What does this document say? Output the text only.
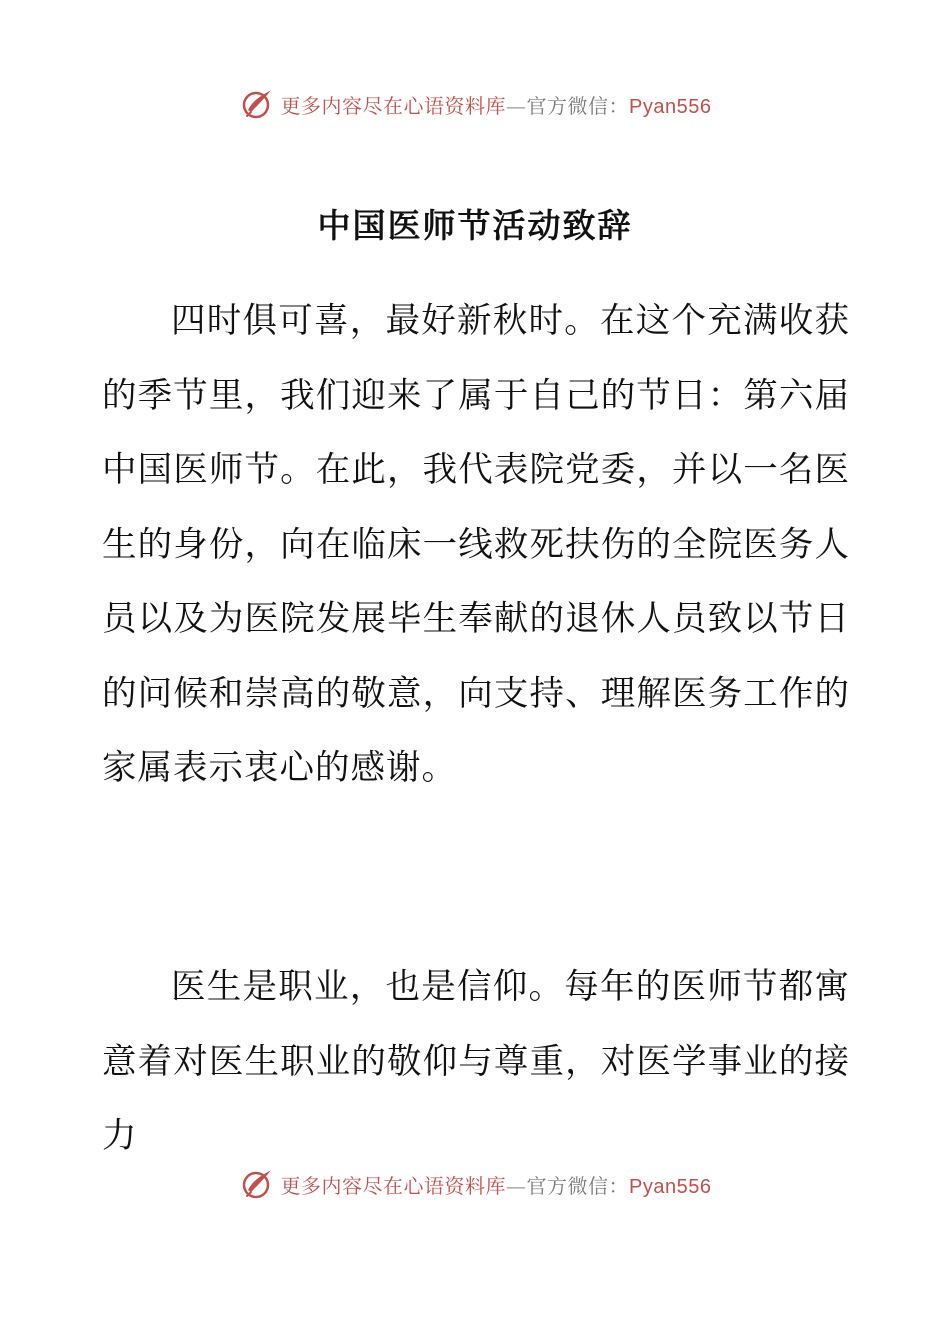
更多内容尽在心语资料库—官方微信：Pyan556
中国医师节活动致辞

四时俱可喜，最好新秋时。在这个充满收获的季节里，我们迎来了属于自己的节日：第六届中国医师节。在此，我代表院党委，并以一名医生的身份，向在临床一线救死扶伤的全院医务人员以及为医院发展毕生奉献的退休人员致以节日的问候和崇高的敬意，向支持、理解医务工作的家属表示衷心的感谢。

医生是职业，也是信仰。每年的医师节都寓意着对医生职业的敬仰与尊重，对医学事业的接力

更多内容尽在心语资料库—官方微信：Pyan556
